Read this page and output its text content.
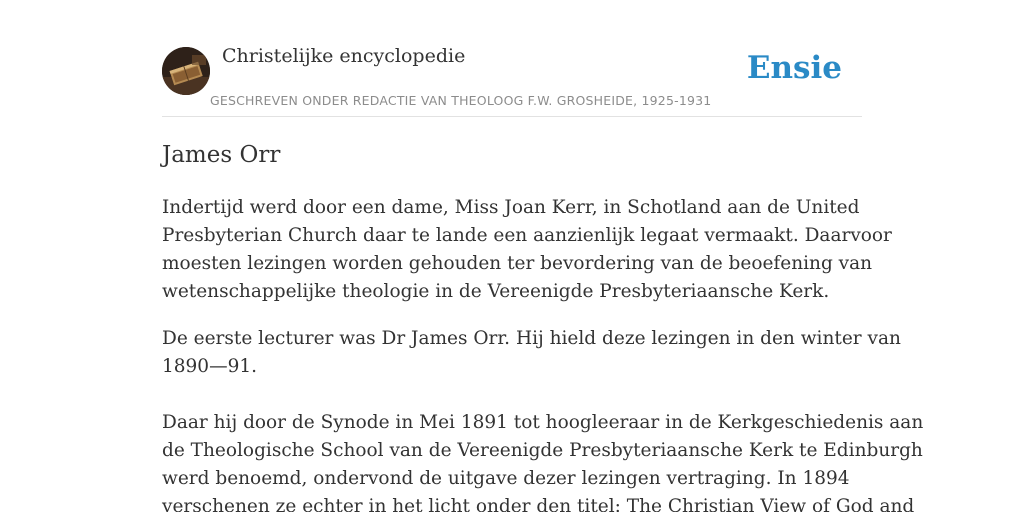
Christelijke encyclopedie
GESCHREVEN ONDER REDACTIE VAN THEOLOOG F.W. GROSHEIDE, 1925-1931
Ensie
James Orr

Indertijd werd door een dame, Miss Joan Kerr, in Schotland aan de United
Presbyterian Church daar te lande een aanzienlijk legaat vermaakt. Daarvoor
moesten lezingen worden gehouden ter bevordering van de beoefening van
wetenschappelijke theologie in de Vereenigde Presbyteriaansche Kerk.

De eerste lecturer was Dr James Orr. Hij hield deze lezingen in den winter van
1890—91.

Daar hij door de Synode in Mei 1891 tot hoogleeraar in de Kerkgeschiedenis aan
de Theologische School van de Vereenigde Presbyteriaansche Kerk te Edinburgh
werd benoemd, ondervond de uitgave dezer lezingen vertraging. In 1894
verschenen ze echter in het licht onder den titel: The Christian View of God and
